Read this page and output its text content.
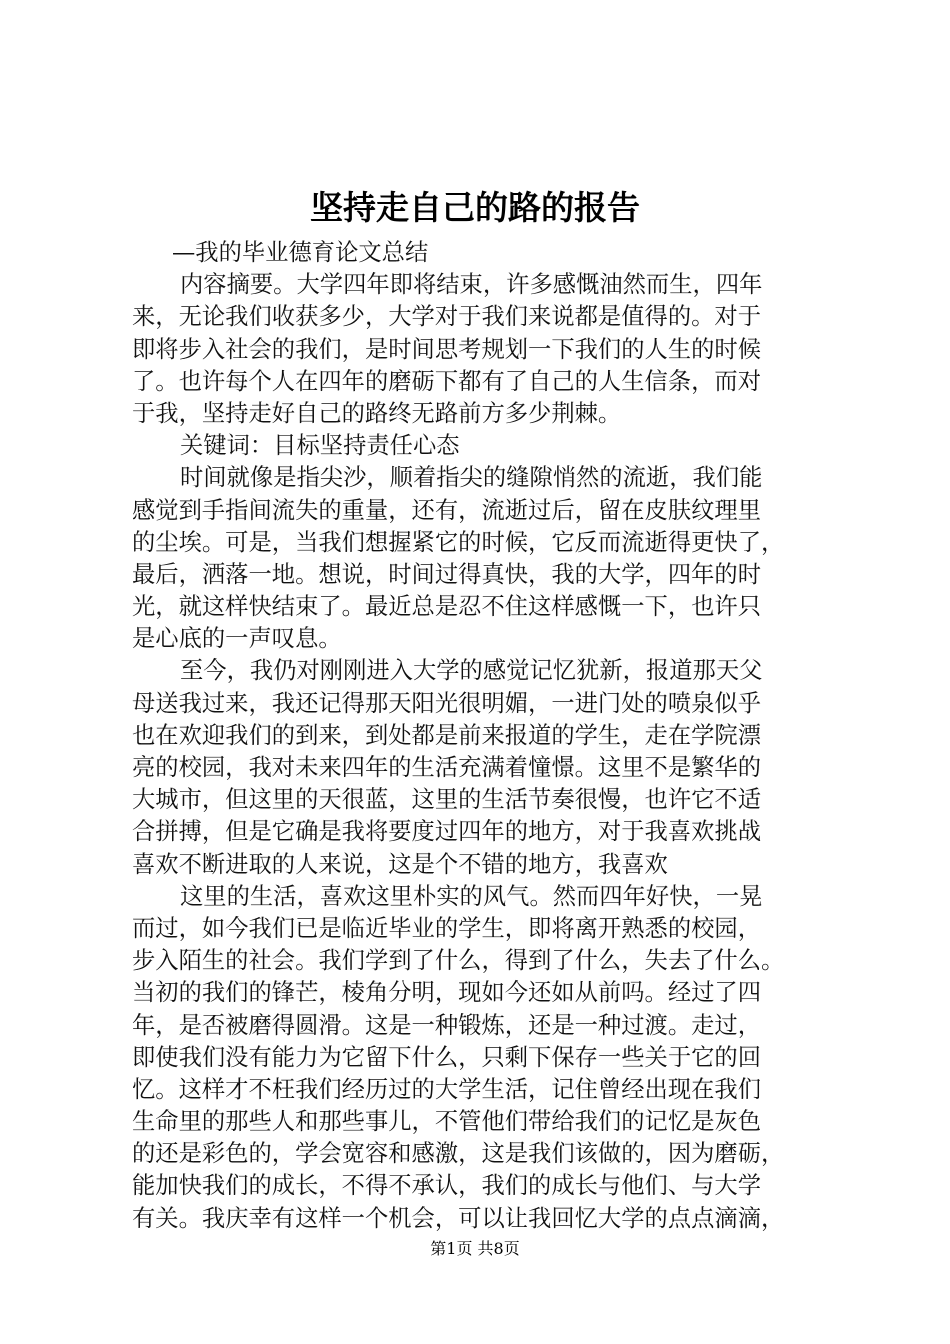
坚持走自己的路的报告
—我的毕业德育论文总结
内容摘要。大学四年即将结束，许多感慨油然而生，四年
来，无论我们收获多少，大学对于我们来说都是值得的。对于
即将步入社会的我们，是时间思考规划一下我们的人生的时候
了。也许每个人在四年的磨砺下都有了自己的人生信条，而对
于我，坚持走好自己的路终无路前方多少荆棘。
关键词：目标坚持责任心态
时间就像是指尖沙，顺着指尖的缝隙悄然的流逝，我们能
感觉到手指间流失的重量，还有，流逝过后，留在皮肤纹理里
的尘埃。可是，当我们想握紧它的时候，它反而流逝得更快了，
最后，洒落一地。想说，时间过得真快，我的大学，四年的时
光，就这样快结束了。最近总是忍不住这样感慨一下，也许只
是心底的一声叹息。
至今，我仍对刚刚进入大学的感觉记忆犹新，报道那天父
母送我过来，我还记得那天阳光很明媚，一进门处的喷泉似乎
也在欢迎我们的到来，到处都是前来报道的学生，走在学院漂
亮的校园，我对未来四年的生活充满着憧憬。这里不是繁华的
大城市，但这里的天很蓝，这里的生活节奏很慢，也许它不适
合拼搏，但是它确是我将要度过四年的地方，对于我喜欢挑战
喜欢不断进取的人来说，这是个不错的地方，我喜欢
这里的生活，喜欢这里朴实的风气。然而四年好快，一晃
而过，如今我们已是临近毕业的学生，即将离开熟悉的校园，
步入陌生的社会。我们学到了什么，得到了什么，失去了什么。
当初的我们的锋芒，棱角分明，现如今还如从前吗。经过了四
年，是否被磨得圆滑。这是一种锻炼，还是一种过渡。走过，
即使我们没有能力为它留下什么，只剩下保存一些关于它的回
忆。这样才不枉我们经历过的大学生活，记住曾经出现在我们
生命里的那些人和那些事儿，不管他们带给我们的记忆是灰色
的还是彩色的，学会宽容和感激，这是我们该做的，因为磨砺，
能加快我们的成长，不得不承认，我们的成长与他们、与大学
有关。我庆幸有这样一个机会，可以让我回忆大学的点点滴滴，
第1页 共8页
